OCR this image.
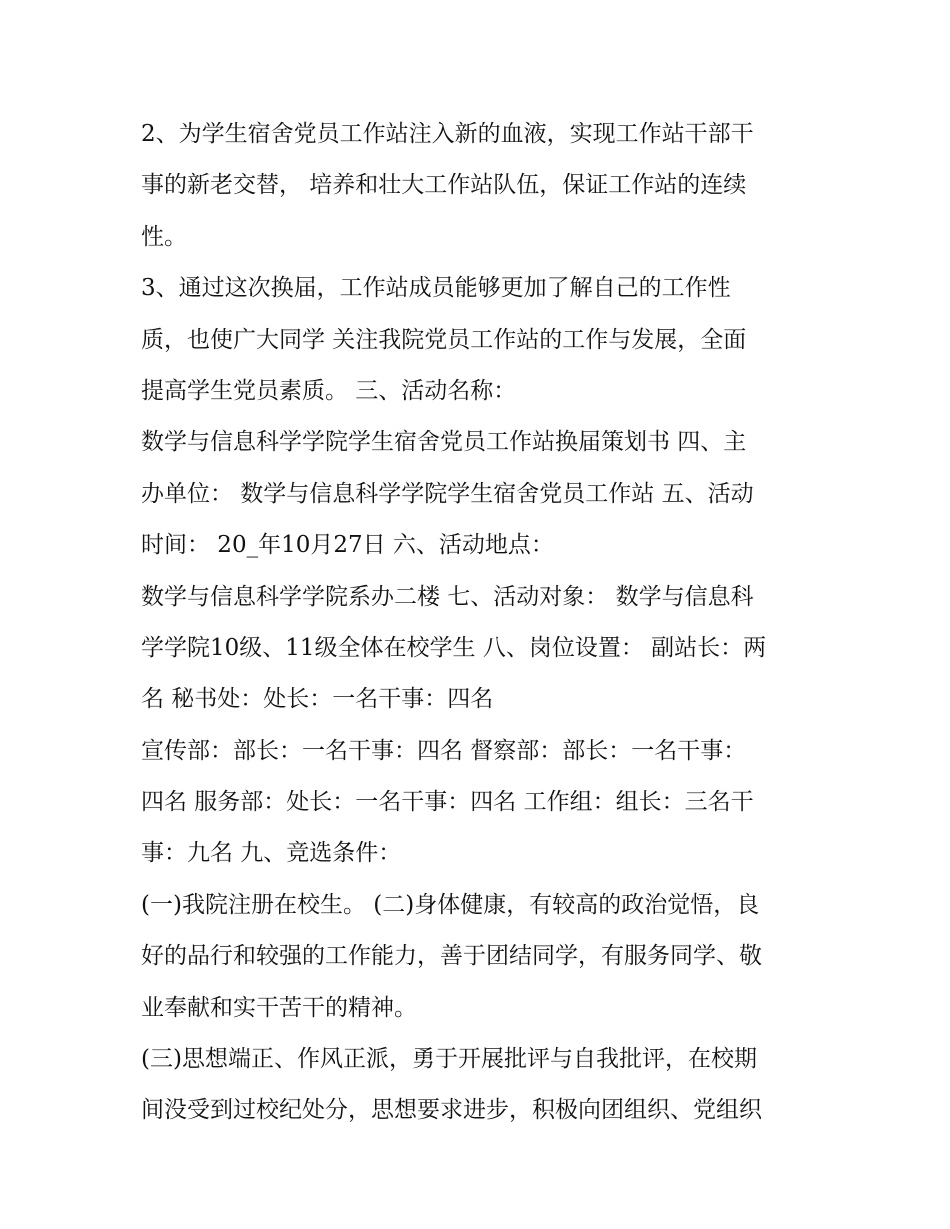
2、为学生宿舍党员工作站注入新的血液，实现工作站干部干
事的新老交替， 培养和壮大工作站队伍，保证工作站的连续
性。
3、通过这次换届，工作站成员能够更加了解自己的工作性
质，也使广大同学 关注我院党员工作站的工作与发展，全面
提高学生党员素质。 三、活动名称：
数学与信息科学学院学生宿舍党员工作站换届策划书 四、主
办单位： 数学与信息科学学院学生宿舍党员工作站 五、活动
时间： 20_年10月27日 六、活动地点：
数学与信息科学学院系办二楼 七、活动对象： 数学与信息科
学学院10级、11级全体在校学生 八、岗位设置： 副站长：两
名 秘书处：处长：一名干事：四名
宣传部：部长：一名干事：四名 督察部：部长：一名干事：
四名 服务部：处长：一名干事：四名 工作组：组长：三名干
事：九名 九、竞选条件：
(一)我院注册在校生。 (二)身体健康，有较高的政治觉悟，良
好的品行和较强的工作能力，善于团结同学，有服务同学、敬
业奉献和实干苦干的精神。
(三)思想端正、作风正派，勇于开展批评与自我批评，在校期
间没受到过校纪处分，思想要求进步，积极向团组织、党组织
